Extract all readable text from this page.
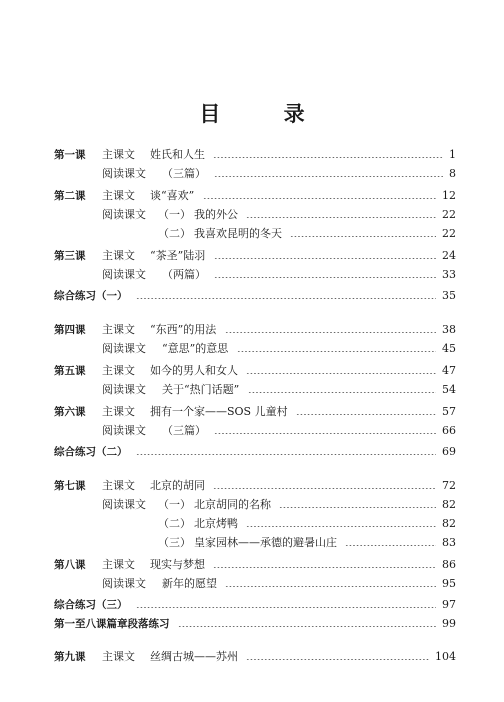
目 录
第一课 主课文 姓氏和人生	1
阅读课文 （三篇）	8
第二课 主课文 谈“喜欢”	12
阅读课文 （一） 我的外公	22
（二） 我喜欢昆明的冬天	22
第三课 主课文 “茶圣”陆羽	24
阅读课文 （两篇）	33
综合练习（一）	35
第四课 主课文 “东西”的用法	38
阅读课文 “意思”的意思	45
第五课 主课文 如今的男人和女人	47
阅读课文 关于“热门话题”	54
第六课 主课文 拥有一个家——SOS 儿童村	57
阅读课文 （三篇）	66
综合练习（二）	69
第七课 主课文 北京的胡同	72
阅读课文 （一） 北京胡同的名称	82
（二） 北京烤鸭	82
（三） 皇家园林——承德的避暑山庄	83
第八课 主课文 现实与梦想	86
阅读课文 新年的愿望	95
综合练习（三）	97
第一至八课篇章段落练习	99
第九课 主课文 丝绸古城——苏州	104
